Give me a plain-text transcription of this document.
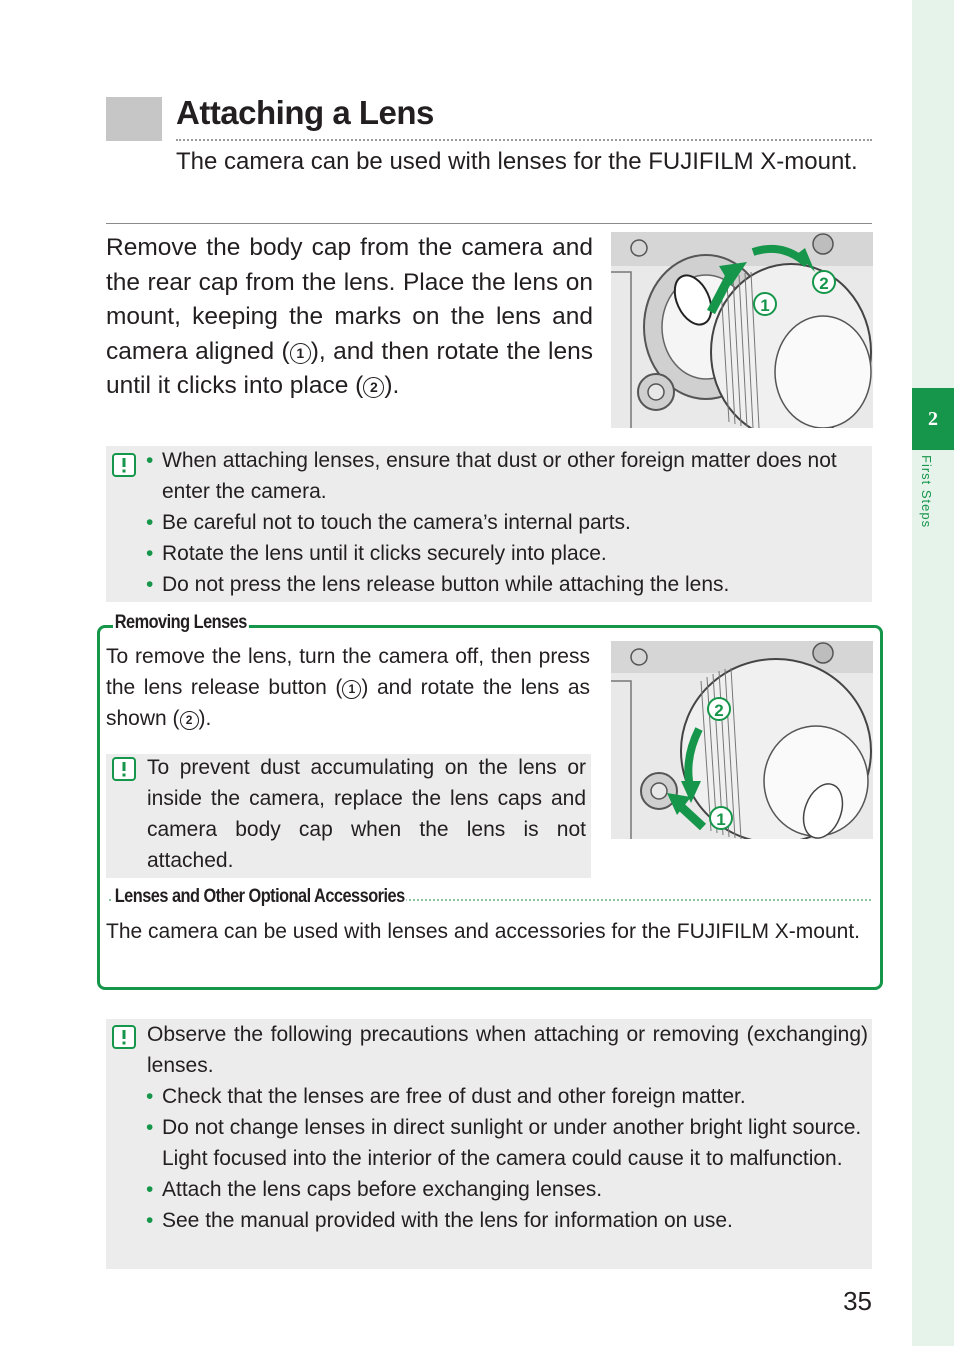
2
First Steps
Attaching a Lens

The camera can be used with lenses for the FUJIFILM X-mount.

Remove the body cap from the camera and the rear cap from the lens. Place the lens on mount, keeping the marks on the lens and camera aligned ( 1 ), and then rotate the lens until it clicks into place ( 2 ).

1
2
• When attaching lenses, ensure that dust or other foreign matter does not enter the camera.
• Be careful not to touch the camera’s internal parts.
• Rotate the lens until it clicks securely into place.
• Do not press the lens release button while attaching the lens.
Removing Lenses

To remove the lens, turn the camera off, then press the lens release button ( 1 ) and rotate the lens as shown ( 2 ).	2
1

To prevent dust accumulating on the lens or inside the camera, replace the lens caps and camera body cap when the lens is not attached.

Lenses and Other Optional Accessories

The camera can be used with lenses and accessories for the FUJIFILM X-mount.

Observe the following precautions when attaching or removing (exchanging) lenses.

• Check that the lenses are free of dust and other foreign matter.
• Do not change lenses in direct sunlight or under another bright light source. Light focused into the interior of the camera could cause it to malfunction.
• Attach the lens caps before exchanging lenses.
• See the manual provided with the lens for information on use.
35
